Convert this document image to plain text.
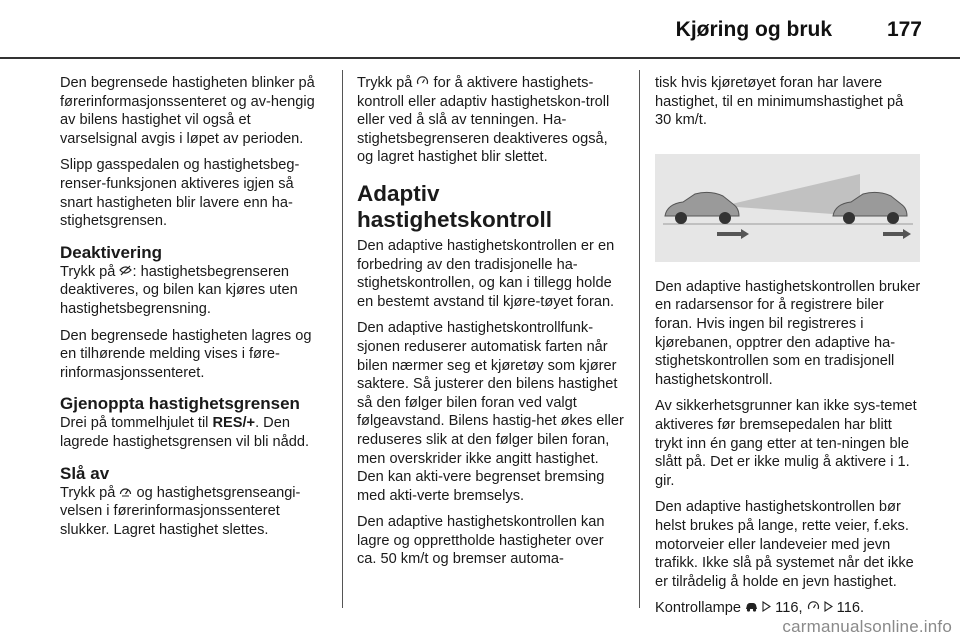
Kjøring og bruk	177

Den begrensede hastigheten blinker på førerinformasjonssenteret og av-hengig av bilens hastighet vil også et varselsignal avgis i løpet av perioden.

Slipp gasspedalen og hastighetsbeg-renser-funksjonen aktiveres igjen så snart hastigheten blir lavere enn ha-stighetsgrensen.

Deaktivering

Trykk på : hastighetsbegrenseren deaktiveres, og bilen kan kjøres uten hastighetsbegrensning.

Den begrensede hastigheten lagres og en tilhørende melding vises i føre-rinformasjonssenteret.

Gjenoppta hastighetsgrensen

Drei på tommelhjulet til RES/+. Den lagrede hastighetsgrensen vil bli nådd.

Slå av

Trykk på  og hastighetsgrenseangi-velsen i førerinformasjonssenteret slukker. Lagret hastighet slettes.

Trykk på  for å aktivere hastighets-kontroll eller adaptiv hastighetskon-troll eller ved å slå av tenningen. Ha-stighetsbegrenseren deaktiveres også, og lagret hastighet blir slettet.

Adaptiv hastighetskontroll

Den adaptive hastighetskontrollen er en forbedring av den tradisjonelle ha-stighetskontrollen, og kan i tillegg holde en bestemt avstand til kjøre-tøyet foran.

Den adaptive hastighetskontrollfunk-sjonen reduserer automatisk farten når bilen nærmer seg et kjøretøy som kjører saktere. Så justerer den bilens hastighet så den følger bilen foran ved valgt følgeavstand. Bilens hastig-het økes eller reduseres slik at den følger bilen foran, men overskrider ikke angitt hastighet. Den kan akti-vere begrenset bremsing med akti-verte bremselys.

Den adaptive hastighetskontrollen kan lagre og opprettholde hastigheter over ca. 50 km/t og bremser automa-

tisk hvis kjøretøyet foran har lavere hastighet, til en minimumshastighet på 30 km/t.

Den adaptive hastighetskontrollen bruker en radarsensor for å registrere biler foran. Hvis ingen bil registreres i kjørebanen, opptrer den adaptive ha-stighetskontrollen som en tradisjonell hastighetskontroll.

Av sikkerhetsgrunner kan ikke sys-temet aktiveres før bremsepedalen har blitt trykt inn én gang etter at ten-ningen ble slått på. Det er ikke mulig å aktivere i 1. gir.

Den adaptive hastighetskontrollen bør helst brukes på lange, rette veier, f.eks. motorveier eller landeveier med jevn trafikk. Ikke slå på systemet når det ikke er tilrådelig å holde en jevn hastighet.

Kontrollampe   116,   116.

carmanualsonline.info
